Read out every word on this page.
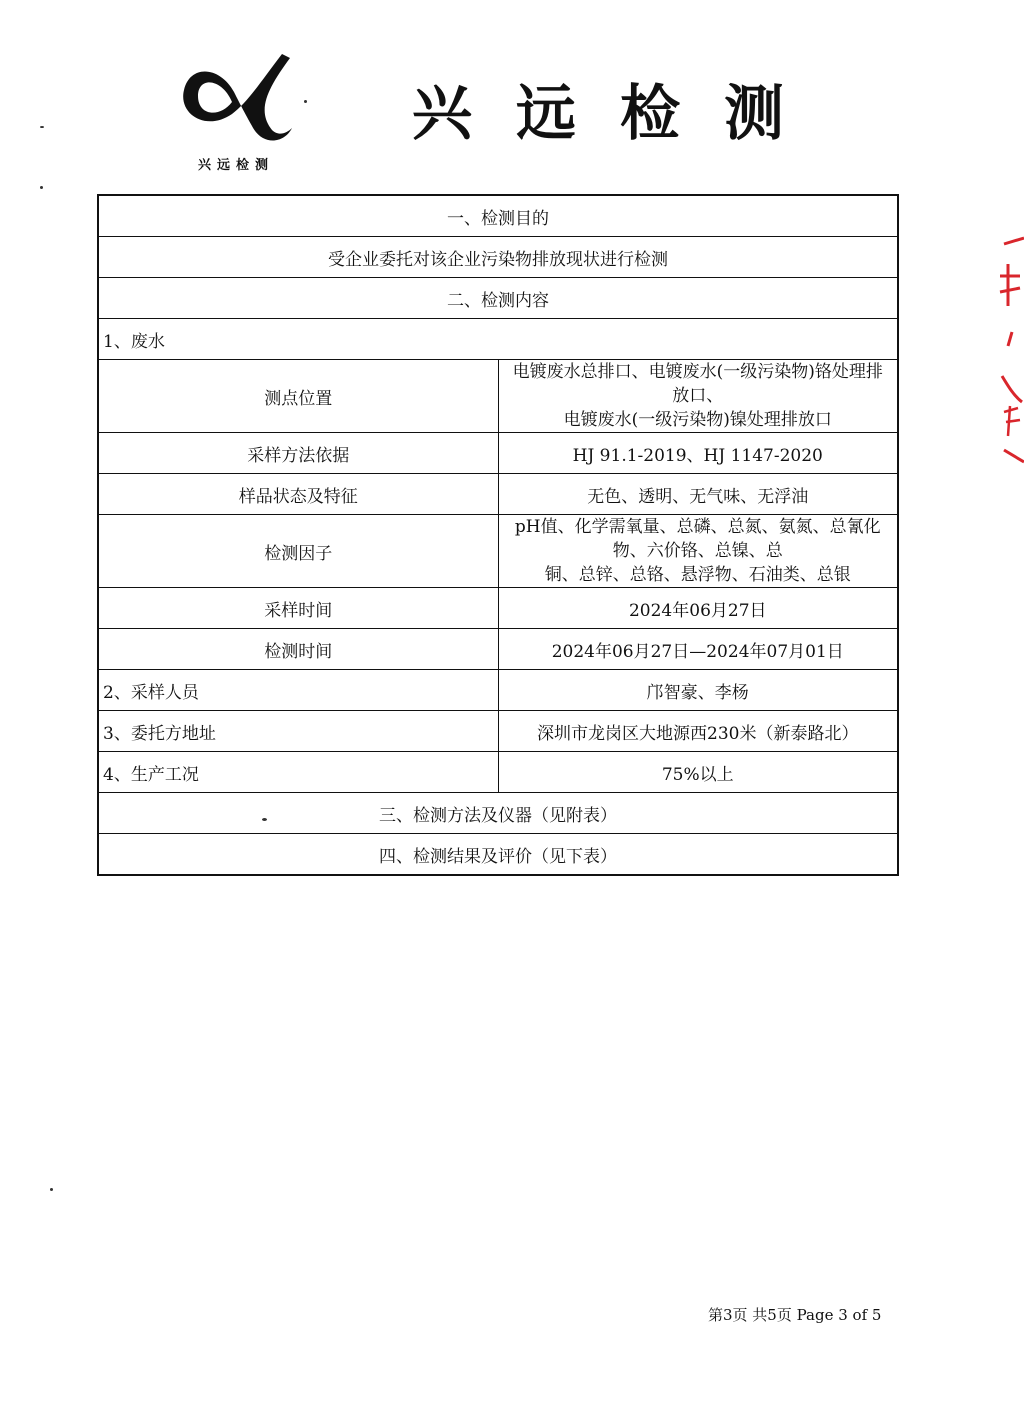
兴远检测
兴远检测
一、检测目的	
受企业委托对该企业污染物排放现状进行检测	
二、检测内容	
1、废水	
测点位置	电镀废水总排口、电镀废水(一级污染物)铬处理排放口、
电镀废水(一级污染物)镍处理排放口

采样方法依据	HJ 91.1-2019、HJ 1147-2020
样品状态及特征	无色、透明、无气味、无浮油
检测因子	pH值、化学需氧量、总磷、总氮、氨氮、总氰化物、六价铬、总镍、总
铜、总锌、总铬、悬浮物、石油类、总银

采样时间	2024年06月27日
检测时间	2024年06月27日—2024年07月01日
2、采样人员	邝智豪、李杨
3、委托方地址	深圳市龙岗区大地源西230米（新泰路北）
4、生产工况	75%以上
三、检测方法及仪器（见附表）	
四、检测结果及评价（见下表）	
第3页 共5页 Page 3 of 5
